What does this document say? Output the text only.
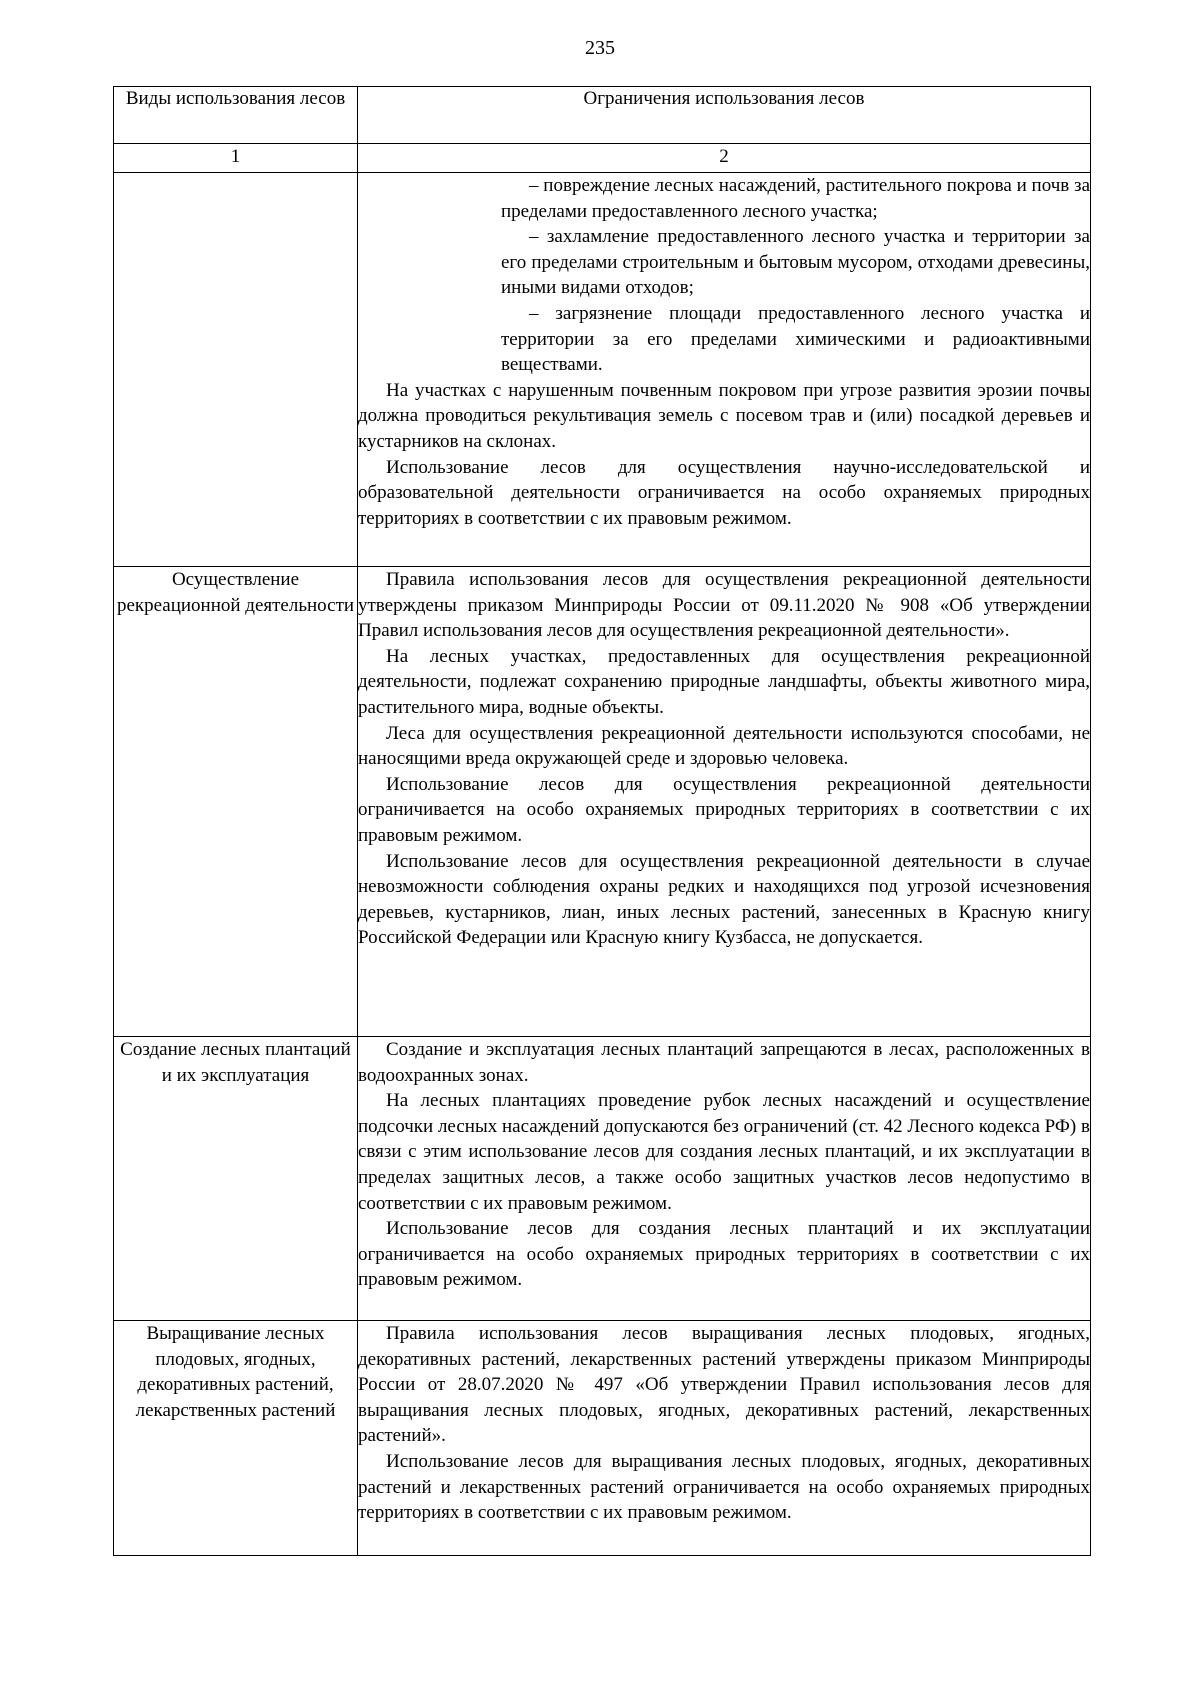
235
Виды использования лесов	Ограничения использования лесов
1	2

	– повреждение лесных насаждений, растительного покрова и почв за пределами предоставленного лесного участка;

– захламление предоставленного лесного участка и территории за его пределами строительным и бытовым мусором, отходами древесины, иными видами отходов;

– загрязнение площади предоставленного лесного участка и территории за его пределами химическими и радиоактивными веществами.

На участках с нарушенным почвенным покровом при угрозе развития эрозии почвы должна проводиться рекультивация земель с посевом трав и (или) посадкой деревьев и кустарников на склонах.

Использование лесов для осуществления научно-исследовательской и образовательной деятельности ограничивается на особо охраняемых природных территориях в соответствии с их правовым режимом.

Осуществление рекреационной деятельности	Правила использования лесов для осуществления рекреационной деятельности утверждены приказом Минприроды России от 09.11.2020 № 908 «Об утверждении Правил использования лесов для осуществления рекреационной деятельности».

На лесных участках, предоставленных для осуществления рекреационной деятельности, подлежат сохранению природные ландшафты, объекты животного мира, растительного мира, водные объекты.

Леса для осуществления рекреационной деятельности используются способами, не наносящими вреда окружающей среде и здоровью человека.

Использование лесов для осуществления рекреационной деятельности ограничивается на особо охраняемых природных территориях в соответствии с их правовым режимом.

Использование лесов для осуществления рекреационной деятельности в случае невозможности соблюдения охраны редких и находящихся под угрозой исчезновения деревьев, кустарников, лиан, иных лесных растений, занесенных в Красную книгу Российской Федерации или Красную книгу Кузбасса, не допускается.

Создание лесных плантаций и их эксплуатация	Создание и эксплуатация лесных плантаций запрещаются в лесах, расположенных в водоохранных зонах.

На лесных плантациях проведение рубок лесных насаждений и осуществление подсочки лесных насаждений допускаются без ограничений (ст. 42 Лесного кодекса РФ) в связи с этим использование лесов для создания лесных плантаций, и их эксплуатации в пределах защитных лесов, а также особо защитных участков лесов недопустимо в соответствии с их правовым режимом.

Использование лесов для создания лесных плантаций и их эксплуатации ограничивается на особо охраняемых природных территориях в соответствии с их правовым режимом.

Выращивание лесных плодовых, ягодных, декоративных растений, лекарственных растений	Правила использования лесов выращивания лесных плодовых, ягодных, декоративных растений, лекарственных растений утверждены приказом Минприроды России от 28.07.2020 № 497 «Об утверждении Правил использования лесов для выращивания лесных плодовых, ягодных, декоративных растений, лекарственных растений».

Использование лесов для выращивания лесных плодовых, ягодных, декоративных растений и лекарственных растений ограничивается на особо охраняемых природных территориях в соответствии с их правовым режимом.
